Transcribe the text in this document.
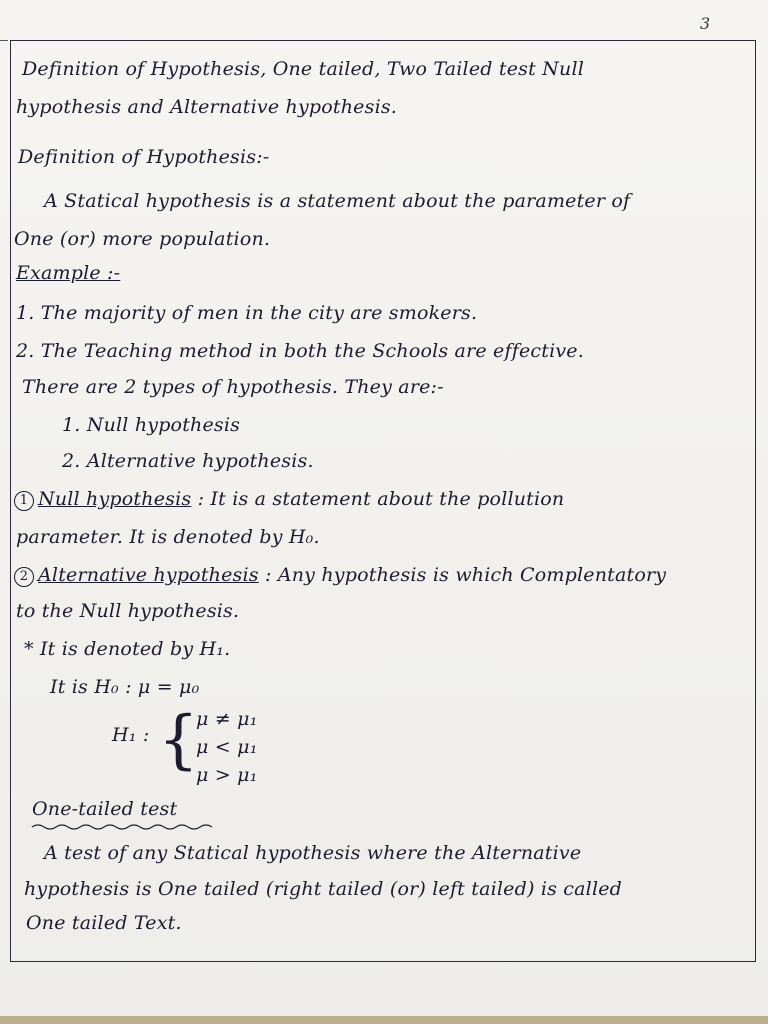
3
Definition of Hypothesis, One tailed, Two Tailed test Null
hypothesis and Alternative hypothesis.
Definition of Hypothesis:-
A Statical hypothesis is a statement about the parameter of
One (or) more population.
Example :-
1. The majority of men in the city are smokers.
2. The Teaching method in both the Schools are effective.
There are 2 types of hypothesis. They are:-
1. Null hypothesis
2. Alternative hypothesis.
1 Null hypothesis : It is a statement about the pollution
parameter. It is denoted by H₀.
2 Alternative hypothesis : Any hypothesis is which Complentatory
to the Null hypothesis.
* It is denoted by H₁.
It is H₀ : μ = μ₀
H₁ : {
μ ≠ μ₁
μ < μ₁
μ > μ₁
One-tailed test
A test of any Statical hypothesis where the Alternative
hypothesis is One tailed (right tailed (or) left tailed) is called
One tailed Text.
